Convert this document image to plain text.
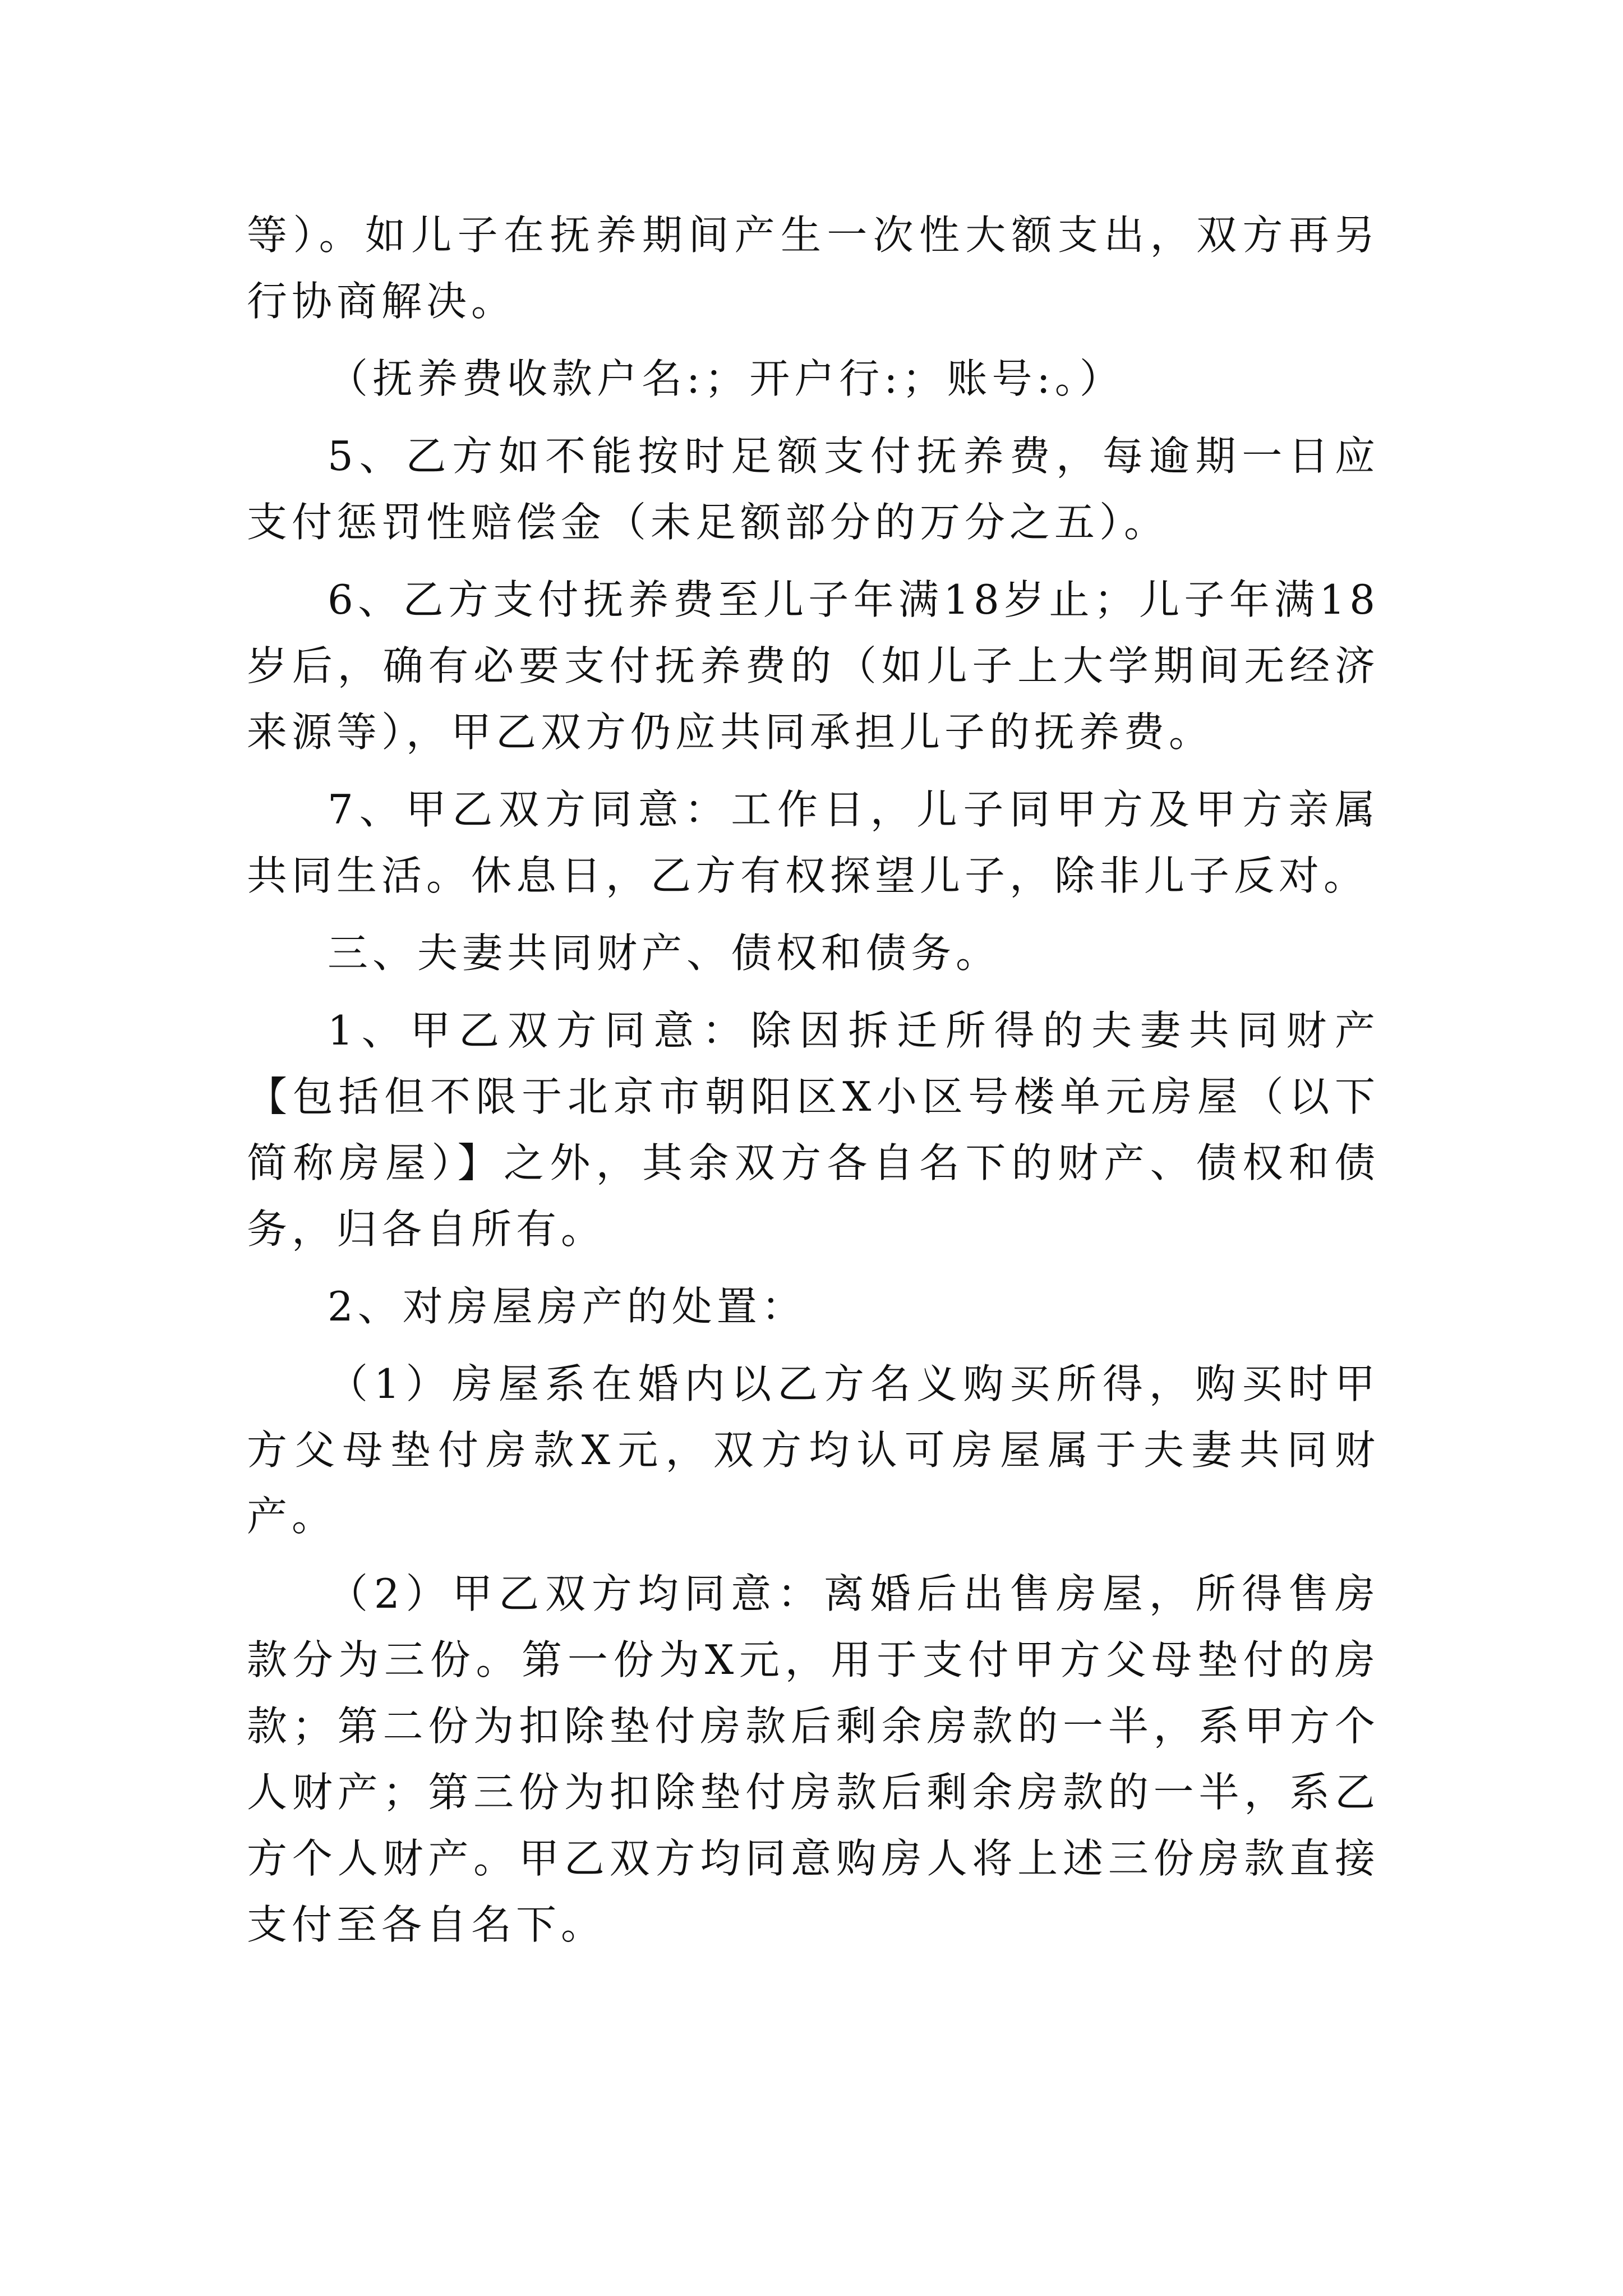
等）。如儿子在抚养期间产生一次性大额支出，双方再另行协商解决。

（抚养费收款户名:；开户行:；账号:。）

5、乙方如不能按时足额支付抚养费，每逾期一日应支付惩罚性赔偿金（未足额部分的万分之五）。

6、乙方支付抚养费至儿子年满18岁止；儿子年满18岁后，确有必要支付抚养费的（如儿子上大学期间无经济来源等），甲乙双方仍应共同承担儿子的抚养费。

7、甲乙双方同意：工作日，儿子同甲方及甲方亲属共同生活。休息日，乙方有权探望儿子，除非儿子反对。

三、夫妻共同财产、债权和债务。

1、甲乙双方同意：除因拆迁所得的夫妻共同财产【包括但不限于北京市朝阳区X小区号楼单元房屋（以下简称房屋）】之外，其余双方各自名下的财产、债权和债务，归各自所有。

2、对房屋房产的处置：

（1）房屋系在婚内以乙方名义购买所得，购买时甲方父母垫付房款X元，双方均认可房屋属于夫妻共同财产。

（2）甲乙双方均同意：离婚后出售房屋，所得售房款分为三份。第一份为X元，用于支付甲方父母垫付的房款；第二份为扣除垫付房款后剩余房款的一半，系甲方个人财产；第三份为扣除垫付房款后剩余房款的一半，系乙方个人财产。甲乙双方均同意购房人将上述三份房款直接支付至各自名下。
